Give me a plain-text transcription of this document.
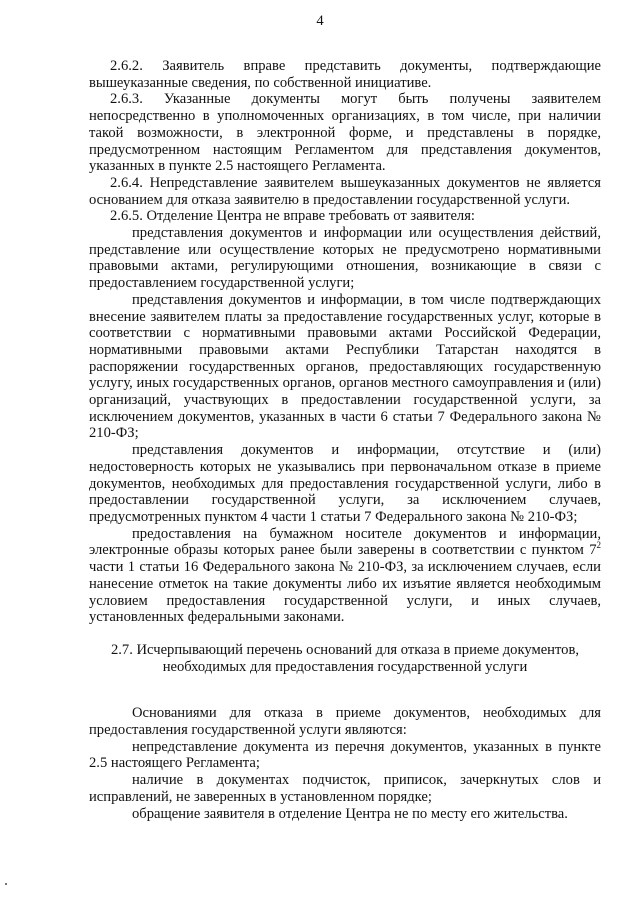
4

2.6.2. Заявитель вправе представить документы, подтверждающие вышеуказанные сведения, по собственной инициативе.

2.6.3. Указанные документы могут быть получены заявителем непосредственно в уполномоченных организациях, в том числе, при наличии такой возможности, в электронной форме, и представлены в порядке, предусмотренном настоящим Регламентом для представления документов, указанных в пункте 2.5 настоящего Регламента.

2.6.4. Непредставление заявителем вышеуказанных документов не является основанием для отказа заявителю в предоставлении государственной услуги.

2.6.5. Отделение Центра не вправе требовать от заявителя:

представления документов и информации или осуществления действий, представление или осуществление которых не предусмотрено нормативными правовыми актами, регулирующими отношения, возникающие в связи с предоставлением государственной услуги;

представления документов и информации, в том числе подтверждающих внесение заявителем платы за предоставление государственных услуг, которые в соответствии с нормативными правовыми актами Российской Федерации, нормативными правовыми актами Республики Татарстан находятся в распоряжении государственных органов, предоставляющих государственную услугу, иных государственных органов, органов местного самоуправления и (или) организаций, участвующих в предоставлении государственной услуги, за исключением документов, указанных в части 6 статьи 7 Федерального закона № 210-ФЗ;

представления документов и информации, отсутствие и (или) недостоверность которых не указывались при первоначальном отказе в приеме документов, необходимых для предоставления государственной услуги, либо в предоставлении государственной услуги, за исключением случаев, предусмотренных пунктом 4 части 1 статьи 7 Федерального закона № 210-ФЗ;

предоставления на бумажном носителе документов и информации, электронные образы которых ранее были заверены в соответствии с пунктом $7^2$ части 1 статьи 16 Федерального закона № 210-ФЗ, за исключением случаев, если нанесение отметок на такие документы либо их изъятие является необходимым условием предоставления государственной услуги, и иных случаев, установленных федеральными законами.

2.7. Исчерпывающий перечень оснований для отказа в приеме документов,
необходимых для предоставления государственной услуги

Основаниями для отказа в приеме документов, необходимых для предоставления государственной услуги являются:

непредставление документа из перечня документов, указанных в пункте 2.5 настоящего Регламента;

наличие в документах подчисток, приписок, зачеркнутых слов и исправлений, не заверенных в установленном порядке;

обращение заявителя в отделение Центра не по месту его жительства.
